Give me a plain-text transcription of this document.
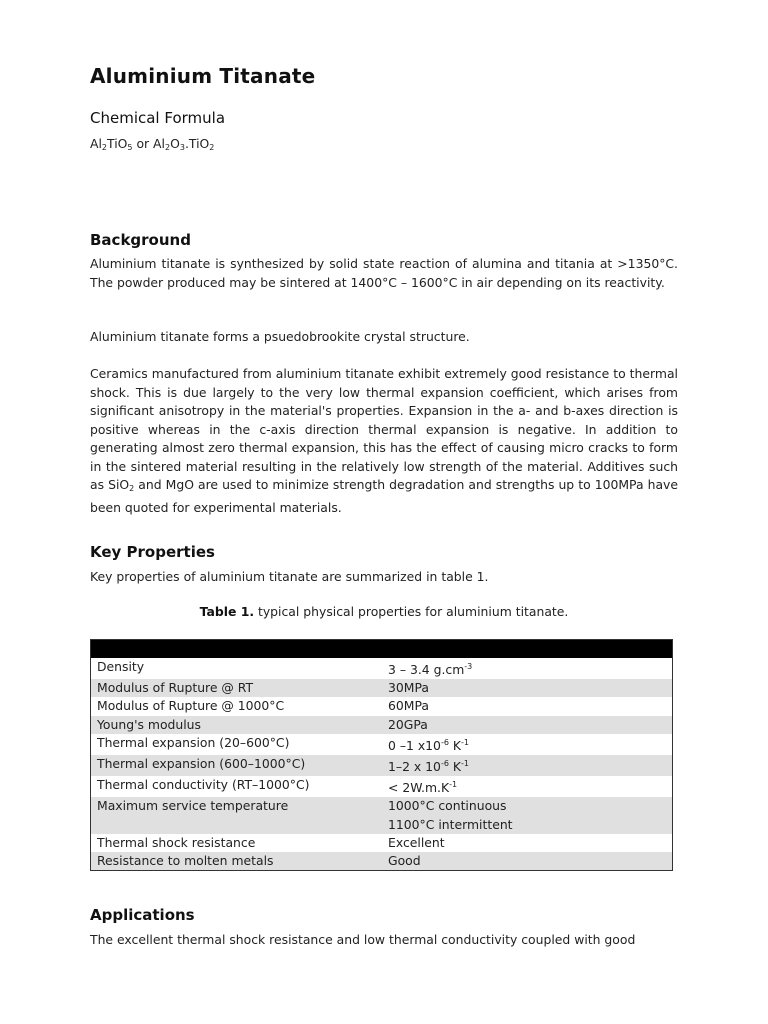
Aluminium Titanate
Chemical Formula
$Al_2TiO_5$ or $Al_2O_3.TiO_2$
Background

Aluminium titanate is synthesized by solid state reaction of alumina and titania at >1350°C. The powder produced may be sintered at 1400°C – 1600°C in air depending on its reactivity.

Aluminium titanate forms a psuedobrookite crystal structure.

Ceramics manufactured from aluminium titanate exhibit extremely good resistance to thermal shock. This is due largely to the very low thermal expansion coefficient, which arises from significant anisotropy in the material's properties. Expansion in the a- and b-axes direction is positive whereas in the c-axis direction thermal expansion is negative. In addition to generating almost zero thermal expansion, this has the effect of causing micro cracks to form in the sintered material resulting in the relatively low strength of the material. Additives such as SiO$_2$ and MgO are used to minimize strength degradation and strengths up to 100MPa have been quoted for experimental materials.

Key Properties

Key properties of aluminium titanate are summarized in table 1.

Table 1. typical physical properties for aluminium titanate.

Density	3 – 3.4 $g.cm^{-3}$
Modulus of Rupture @ RT	30MPa
Modulus of Rupture @ 1000°C	60MPa
Young's modulus	20GPa
Thermal expansion (20–600°C)	0 –1 $x10^{-6}$ $K^{-1}$
Thermal expansion (600–1000°C)	1–2 x $10^{-6}$ $K^{-1}$
Thermal conductivity (RT–1000°C)	< $2W.m.K^{-1}$
Maximum service temperature	1000°C continuous
1100°C intermittent
Thermal shock resistance	Excellent
Resistance to molten metals	Good
Applications

The excellent thermal shock resistance and low thermal conductivity coupled with good
